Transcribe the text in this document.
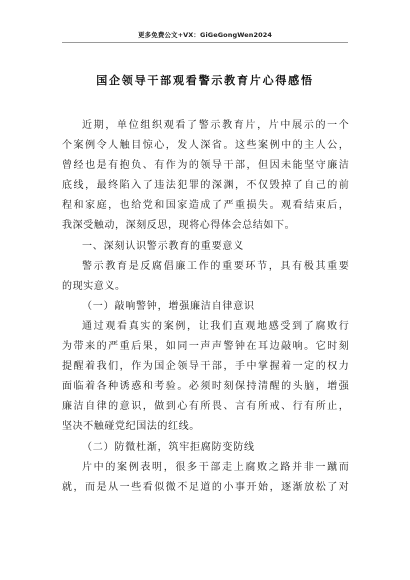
更多免费公文+VX：GiGeGongWen2024
国企领导干部观看警示教育片心得感悟
近 期 ， 单 位 组 织 观 看 了 警 示 教 育 片 ， 片 中 展 示 的 一 个
个 案 例 令 人 触 目 惊 心 ， 发 人 深 省 。 这 些 案 例 中 的 主 人 公 ，
曾 经 也 是 有 抱 负 、 有 作 为 的 领 导 干 部 ， 但 因 未 能 坚 守 廉 洁
底 线 ， 最 终 陷 入 了 违 法 犯 罪 的 深 渊 ， 不 仅 毁 掉 了 自 己 的 前
程 和 家 庭 ， 也 给 党 和 国 家 造 成 了 严 重 损 失 。 观 看 结 束 后 ，
我深受触动，深刻反思，现将心得体会总结如下。
一、深刻认识警示教育的重要意义
警 示 教 育 是 反 腐 倡 廉 工 作 的 重 要 环 节 ， 具 有 极 其 重 要
的现实意义。
（一）敲响警钟，增强廉洁自律意识
通 过 观 看 真 实 的 案 例 ， 让 我 们 直 观 地 感 受 到 了 腐 败 行
为 带 来 的 严 重 后 果 ， 如 同 一 声 声 警 钟 在 耳 边 敲 响 。 它 时 刻
提 醒 着 我 们 ， 作 为 国 企 领 导 干 部 ， 手 中 掌 握 着 一 定 的 权 力
面 临 着 各 种 诱 惑 和 考 验 。 必 须 时 刻 保 持 清 醒 的 头 脑 ， 增 强
廉 洁 自 律 的 意 识 ， 做 到 心 有 所 畏 、 言 有 所 戒 、 行 有 所 止 ，
坚决不触碰党纪国法的红线。
（二）防微杜渐，筑牢拒腐防变防线
片 中 的 案 例 表 明 ， 很 多 干 部 走 上 腐 败 之 路 并 非 一 蹴 而
就 ， 而 是 从 一 些 看 似 微 不 足 道 的 小 事 开 始 ， 逐 渐 放 松 了 对
